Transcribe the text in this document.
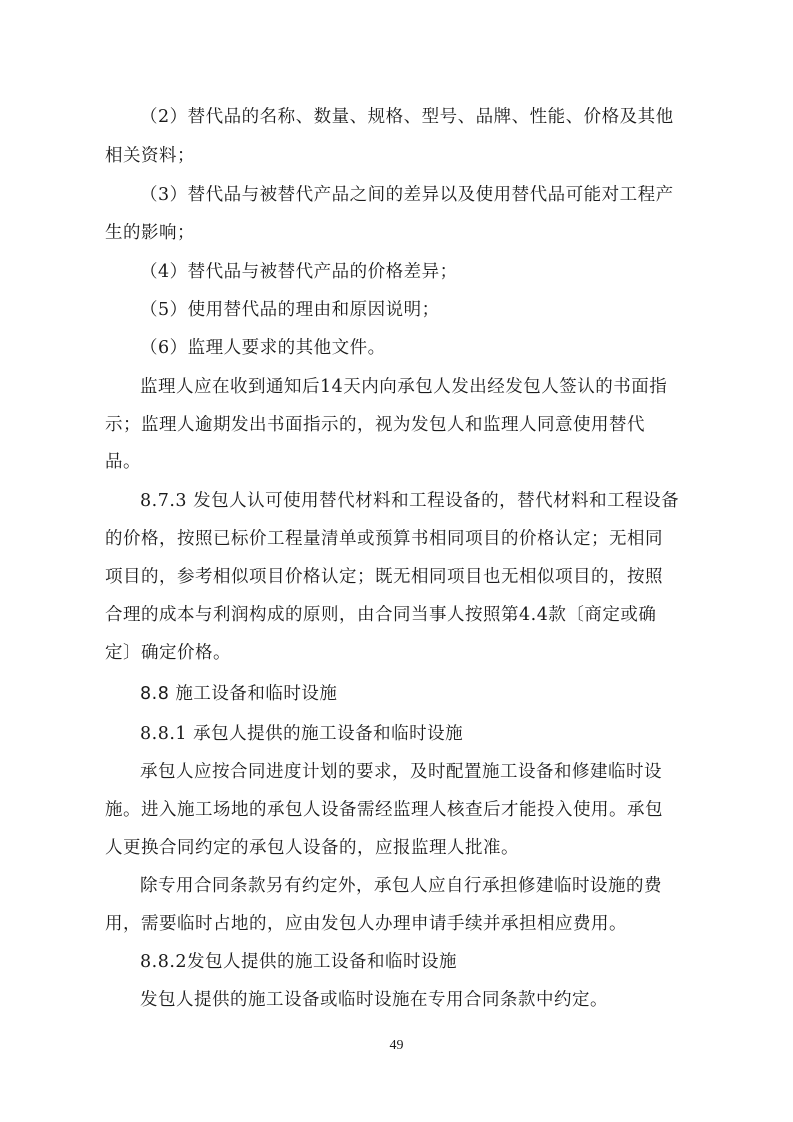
（2）替代品的名称、数量、规格、型号、品牌、性能、价格及其他
相关资料；
（3）替代品与被替代产品之间的差异以及使用替代品可能对工程产
生的影响；
（4）替代品与被替代产品的价格差异；
（5）使用替代品的理由和原因说明；
（6）监理人要求的其他文件。
监理人应在收到通知后14天内向承包人发出经发包人签认的书面指
示；监理人逾期发出书面指示的，视为发包人和监理人同意使用替代
品。
8.7.3 发包人认可使用替代材料和工程设备的，替代材料和工程设备
的价格，按照已标价工程量清单或预算书相同项目的价格认定；无相同
项目的，参考相似项目价格认定；既无相同项目也无相似项目的，按照
合理的成本与利润构成的原则，由合同当事人按照第4.4款〔商定或确
定〕确定价格。
8.8 施工设备和临时设施
8.8.1 承包人提供的施工设备和临时设施
承包人应按合同进度计划的要求，及时配置施工设备和修建临时设
施。进入施工场地的承包人设备需经监理人核查后才能投入使用。承包
人更换合同约定的承包人设备的，应报监理人批准。
除专用合同条款另有约定外，承包人应自行承担修建临时设施的费
用，需要临时占地的，应由发包人办理申请手续并承担相应费用。
8.8.2发包人提供的施工设备和临时设施
发包人提供的施工设备或临时设施在专用合同条款中约定。
49
